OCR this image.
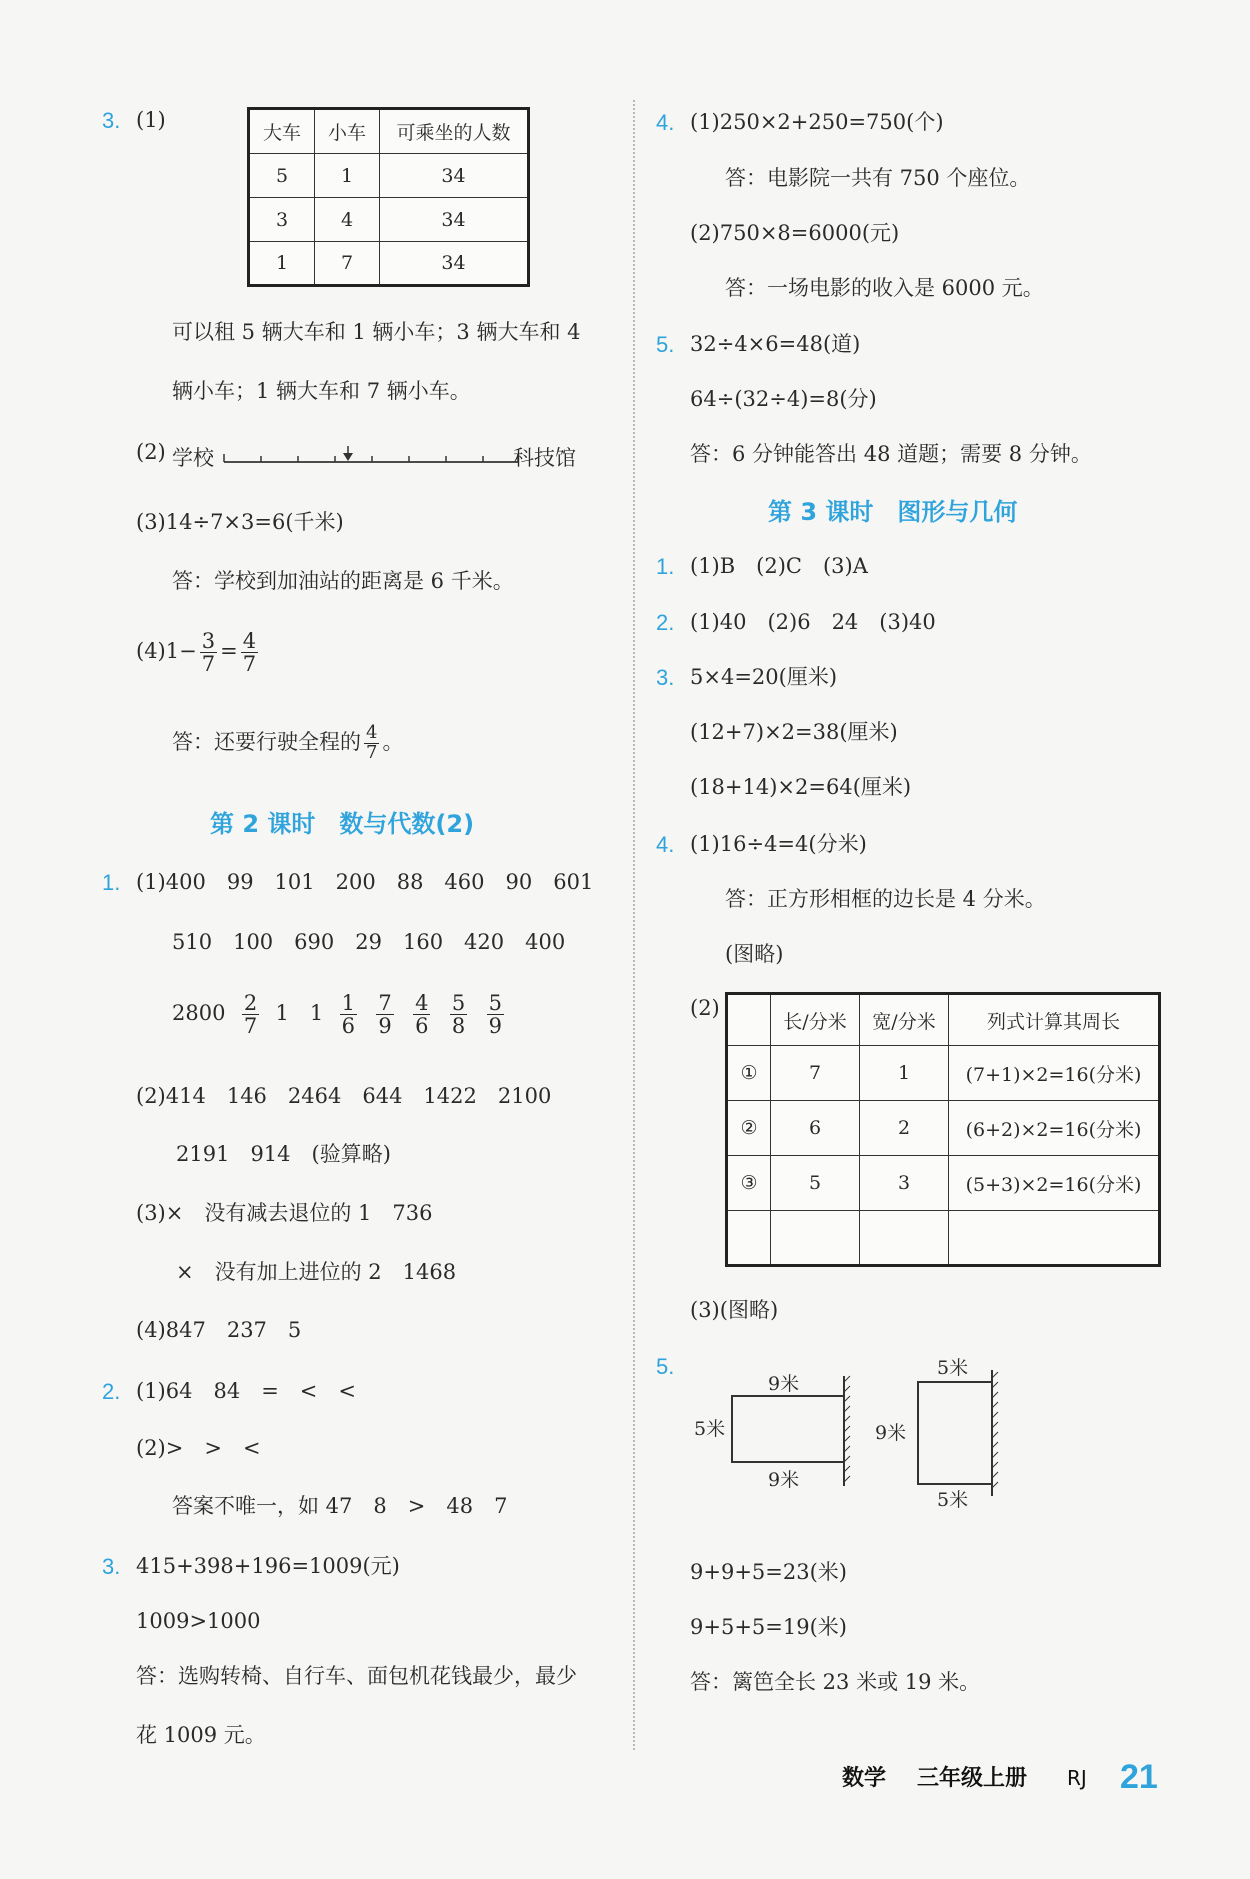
3. (1)
大车	小车	可乘坐的人数
5	1	34
3	4	34
1	7	34
可以租 5 辆大车和 1 辆小车；3 辆大车和 4
辆小车；1 辆大车和 7 辆小车。
(2) 学校	科技馆
(3)14÷7×3=6(千米)
答：学校到加油站的距离是 6 千米。
$(4)1- \frac{3}{7} = \frac{4}{7}$
答：还要行驶全程的 $\frac{4}{7}$ 。
第 2 课时　数与代数(2)
1. (1)400　99　101　200　88　460　90　601
510　100　690　29　160　420　400
$2800 \frac{2}{7} 1$　$1 \frac{1}{6}$
$\frac{7}{9}$
$\frac{4}{6}$
$\frac{5}{8}$
$\frac{5}{9}$
(2)414　146　2464　644　1422　2100
2191　914　(验算略)
(3)×　没有减去退位的 1　736
×　没有加上进位的 2　1468
(4)847　237　5
2. (1)64　84　=　<　<
(2)>　>　<
答案不唯一，如 47　8　>　48　7
3. 415+398+196=1009(元)
1009>1000
答：选购转椅、自行车、面包机花钱最少，最少
花 1009 元。
4. (1)250×2+250=750(个)
答：电影院一共有 750 个座位。
(2)750×8=6000(元)
答：一场电影的收入是 6000 元。
5. 32÷4×6=48(道)
64÷(32÷4)=8(分)
答：6 分钟能答出 48 道题；需要 8 分钟。
第 3 课时　图形与几何
1. (1)B　(2)C　(3)A
2. (1)40　(2)6　24　(3)40
3. 5×4=20(厘米)
(12+7)×2=38(厘米)
(18+14)×2=64(厘米)
4. (1)16÷4=4(分米)
答：正方形相框的边长是 4 分米。
(图略)
(2)
	长/分米	宽/分米	列式计算其周长
①	7	1	(7+1)×2=16(分米)
②	6	2	(6+2)×2=16(分米)
③	5	3	(5+3)×2=16(分米)

(3)(图略)
5.
9米
5米
9米
5米
9米
5米
9+9+5=23(米)
9+5+5=19(米)
答：篱笆全长 23 米或 19 米。
数学 三年级上册 RJ 21
